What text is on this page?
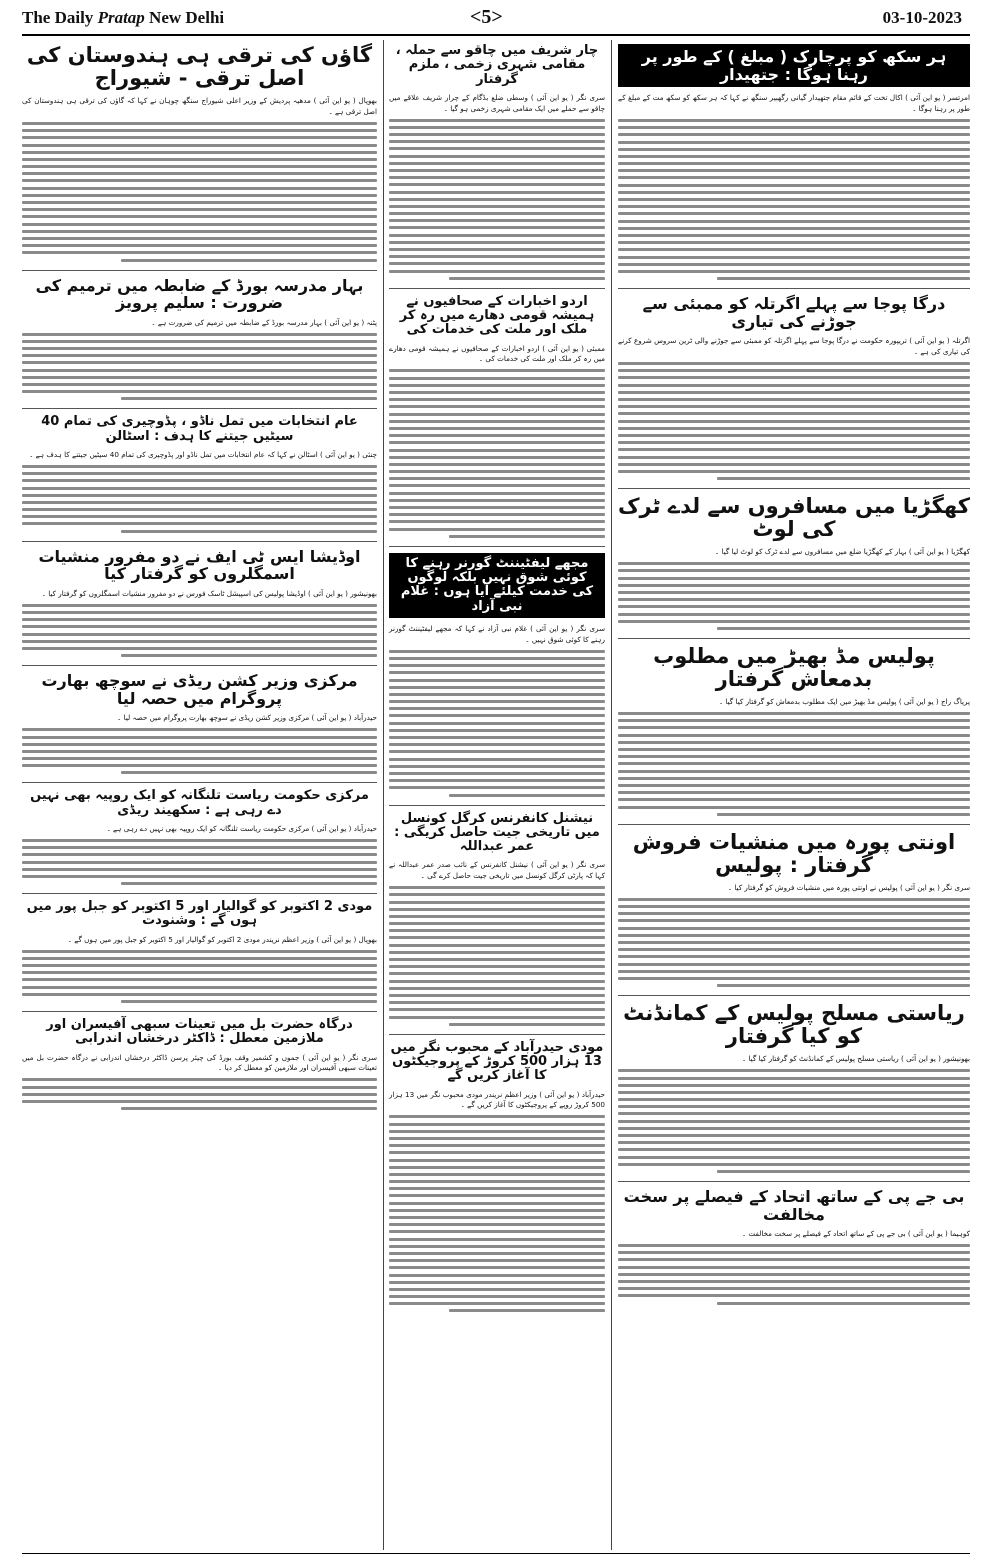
The Daily Pratap New Delhi	<5>	03-10-2023
ہر سکھ کو پرچارک ( مبلغ ) کے طور پر رہنا ہوگا : جتھیدار

امرتسر ( یو این آئی ) اکال تخت کے قائم مقام جتھیدار گیانی رگھبیر سنگھ نے کہا کہ ہر سکھ کو سکھ مت کے مبلغ کے طور پر رہنا ہوگا ۔

درگا پوجا سے پہلے اگرتلہ کو ممبئی سے جوڑنے کی تیاری

اگرتلہ ( یو این آئی ) تریپورہ حکومت نے درگا پوجا سے پہلے اگرتلہ کو ممبئی سے جوڑنے والی ٹرین سروس شروع کرنے کی تیاری کی ہے ۔

کھگڑیا میں مسافروں سے لدے ٹرک کی لوٹ

کھگڑیا ( یو این آئی ) بہار کے کھگڑیا ضلع میں مسافروں سے لدے ٹرک کو لوٹ لیا گیا ۔

پولیس مڈ بھیڑ میں مطلوب بدمعاش گرفتار

پریاگ راج ( یو این آئی ) پولیس مڈ بھیڑ میں ایک مطلوب بدمعاش کو گرفتار کیا گیا ۔

اونتی پورہ میں منشیات فروش گرفتار : پولیس

سری نگر ( یو این آئی ) پولیس نے اونتی پورہ میں منشیات فروش کو گرفتار کیا ۔

ریاستی مسلح پولیس کے کمانڈنٹ کو کیا گرفتار

بھونیشور ( یو این آئی ) ریاستی مسلح پولیس کے کمانڈنٹ کو گرفتار کیا گیا ۔

بی جے پی کے ساتھ اتحاد کے فیصلے پر سخت مخالفت

کوہیما ( یو این آئی ) بی جے پی کے ساتھ اتحاد کے فیصلے پر سخت مخالفت ۔

چار شریف میں چاقو سے حملہ ، مقامی شہری زخمی ، ملزم گرفتار

سری نگر ( یو این آئی ) وسطی ضلع بڈگام کے چرار شریف علاقے میں چاقو سے حملے میں ایک مقامی شہری زخمی ہو گیا ۔

اردو اخبارات کے صحافیوں نے ہمیشہ قومی دھارے میں رہ کر ملک اور ملت کی خدمات کی

ممبئی ( یو این آئی ) اردو اخبارات کے صحافیوں نے ہمیشہ قومی دھارے میں رہ کر ملک اور ملت کی خدمات کی ۔

مجھے لیفٹیننٹ گورنر رہنے کا کوئی شوق نہیں بلکہ لوگوں کی خدمت کیلئے آیا ہوں : غلام نبی آزاد

سری نگر ( یو این آئی ) غلام نبی آزاد نے کہا کہ مجھے لیفٹیننٹ گورنر رہنے کا کوئی شوق نہیں ۔

نیشنل کانفرنس کرگل کونسل میں تاریخی جیت حاصل کریگی : عمر عبداللہ

سری نگر ( یو این آئی ) نیشنل کانفرنس کے نائب صدر عمر عبداللہ نے کہا کہ پارٹی کرگل کونسل میں تاریخی جیت حاصل کرے گی ۔

مودی حیدرآباد کے محبوب نگر میں 13 ہزار 500 کروڑ کے پروجیکٹوں کا آغاز کریں گے

حیدرآباد ( یو این آئی ) وزیر اعظم نریندر مودی محبوب نگر میں 13 ہزار 500 کروڑ روپے کے پروجیکٹوں کا آغاز کریں گے ۔

گاؤں کی ترقی ہی ہندوستان کی اصل ترقی - شیوراج

بھوپال ( یو این آئی ) مدھیہ پردیش کے وزیر اعلی شیوراج سنگھ چوہان نے کہا کہ گاؤں کی ترقی ہی ہندوستان کی اصل ترقی ہے ۔

بہار مدرسہ بورڈ کے ضابطہ میں ترمیم کی ضرورت : سلیم پرویز

پٹنہ ( یو این آئی ) بہار مدرسہ بورڈ کے ضابطہ میں ترمیم کی ضرورت ہے ۔

عام انتخابات میں تمل ناڈو ، پڈوچیری کی تمام 40 سیٹیں جیتنے کا ہدف : اسٹالن

چنئی ( یو این آئی ) اسٹالن نے کہا کہ عام انتخابات میں تمل ناڈو اور پڈوچیری کی تمام 40 سیٹیں جیتنے کا ہدف ہے ۔

اوڈیشا ایس ٹی ایف نے دو مفرور منشیات اسمگلروں کو گرفتار کیا

بھونیشور ( یو این آئی ) اوڈیشا پولیس کی اسپیشل ٹاسک فورس نے دو مفرور منشیات اسمگلروں کو گرفتار کیا ۔

مرکزی وزیر کشن ریڈی نے سوچھ بھارت پروگرام میں حصہ لیا

حیدرآباد ( یو این آئی ) مرکزی وزیر کشن ریڈی نے سوچھ بھارت پروگرام میں حصہ لیا ۔

مرکزی حکومت ریاست تلنگانہ کو ایک روپیہ بھی نہیں دے رہی ہے : سکھیند ریڈی

حیدرآباد ( یو این آئی ) مرکزی حکومت ریاست تلنگانہ کو ایک روپیہ بھی نہیں دے رہی ہے ۔

مودی 2 اکتوبر کو گوالیار اور 5 اکتوبر کو جبل پور میں ہوں گے : وشنودت

بھوپال ( یو این آئی ) وزیر اعظم نریندر مودی 2 اکتوبر کو گوالیار اور 5 اکتوبر کو جبل پور میں ہوں گے ۔

درگاہ حضرت بل میں تعینات سبھی آفیسران اور ملازمین معطل : ڈاکٹر درخشاں اندرابی

سری نگر ( یو این آئی ) جموں و کشمیر وقف بورڈ کی چیئر پرسن ڈاکٹر درخشاں اندرابی نے درگاہ حضرت بل میں تعینات سبھی آفیسران اور ملازمین کو معطل کر دیا ۔
